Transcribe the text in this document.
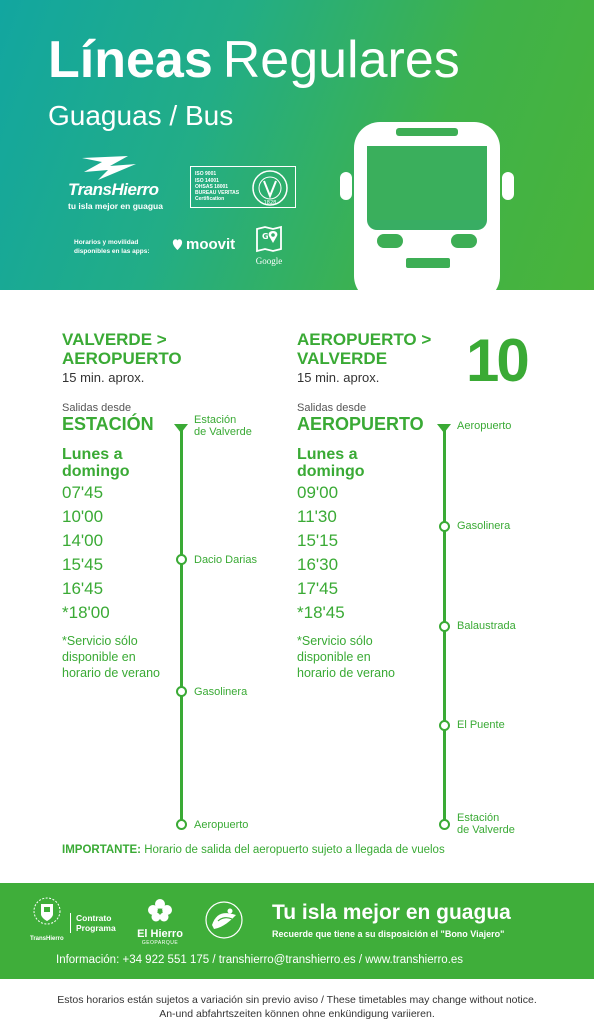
Líneas Regulares
Guaguas / Bus
TransHierro
tu isla mejor en guagua
ISO 9001
ISO 14001
OHSAS 18001
BUREAU VERITAS
Certification
1828
Horarios y movilidad
disponibles en las apps: moovit	G
Google
VALVERDE >
AEROPUERTO
15 min. aprox.
Salidas desde
ESTACIÓN
Lunes a
domingo
07'45
10'00
14'00
15'45
16'45
*18'00
*Servicio sólo
disponible en
horario de verano
Estación
de Valverde
Dacio Darias
Gasolinera
Aeropuerto
AEROPUERTO >
VALVERDE
15 min. aprox. 10
Salidas desde
AEROPUERTO
Lunes a
domingo
09'00
11'30
15'15
16'30
17'45
*18'45
*Servicio sólo
disponible en
horario de verano
Aeropuerto
Gasolinera
Balaustrada
El Puente
Estación
de Valverde
IMPORTANTE: Horario de salida del aeropuerto sujeto a llegada de vuelos
TransHierro
Contrato
Programa El Hierro
GEOPARQUE
Tu isla mejor en guagua
Recuerde que tiene a su disposición el "Bono Viajero"
Información: +34 922 551 175 / transhierro@transhierro.es / www.transhierro.es
Estos horarios están sujetos a variación sin previo aviso / These timetables may change without notice.
An-und abfahrtszeiten können ohne enkündigung variieren.
